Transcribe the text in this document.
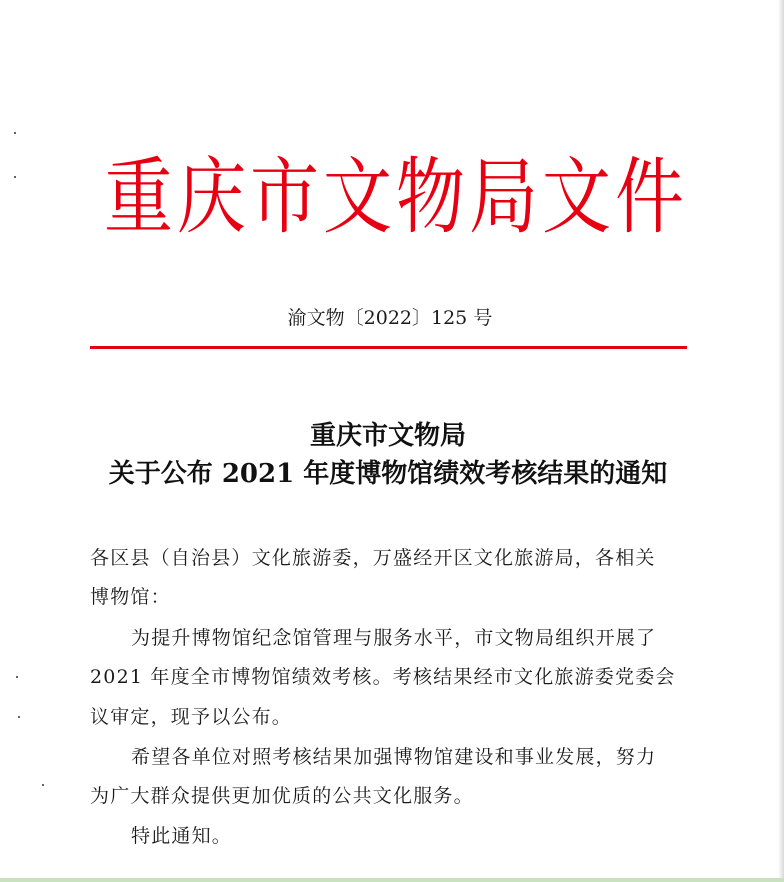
重庆市文物局文件
渝文物〔2022〕125 号
重庆市文物局
关于公布 2021 年度博物馆绩效考核结果的通知
各区县（自治县）文化旅游委，万盛经开区文化旅游局，各相关
博物馆：
为提升博物馆纪念馆管理与服务水平，市文物局组织开展了
2021 年度全市博物馆绩效考核。考核结果经市文化旅游委党委会
议审定，现予以公布。
希望各单位对照考核结果加强博物馆建设和事业发展，努力
为广大群众提供更加优质的公共文化服务。
特此通知。
